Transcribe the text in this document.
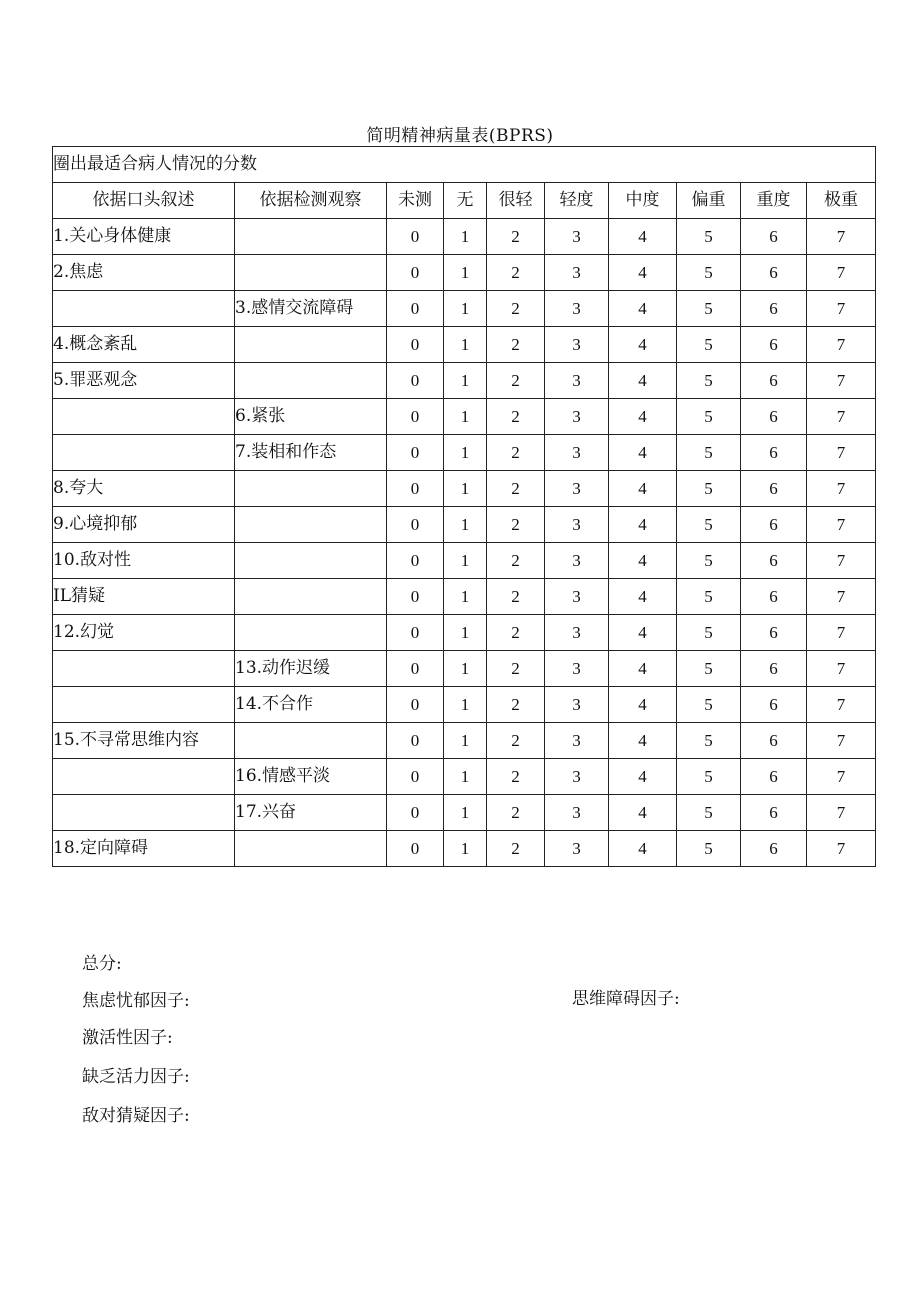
简明精神病量表(BPRS)
圈出最适合病人情况的分数									
依据口头叙述	依据检测观察	未测	无	很轻	轻度	中度	偏重	重度	极重
1.关心身体健康		0	1	2	3	4	5	6	7
2.焦虑		0	1	2	3	4	5	6	7
	3.感情交流障碍	0	1	2	3	4	5	6	7
4.概念紊乱		0	1	2	3	4	5	6	7
5.罪恶观念		0	1	2	3	4	5	6	7
	6.紧张	0	1	2	3	4	5	6	7
	7.装相和作态	0	1	2	3	4	5	6	7
8.夸大		0	1	2	3	4	5	6	7
9.心境抑郁		0	1	2	3	4	5	6	7
10.敌对性		0	1	2	3	4	5	6	7
IL猜疑		0	1	2	3	4	5	6	7
12.幻觉		0	1	2	3	4	5	6	7
	13.动作迟缓	0	1	2	3	4	5	6	7
	14.不合作	0	1	2	3	4	5	6	7
15.不寻常思维内容		0	1	2	3	4	5	6	7
	16.情感平淡	0	1	2	3	4	5	6	7
	17.兴奋	0	1	2	3	4	5	6	7
18.定向障碍		0	1	2	3	4	5	6	7
总分:
焦虑忧郁因子:	思维障碍因子:
激活性因子:
缺乏活力因子:
敌对猜疑因子:
